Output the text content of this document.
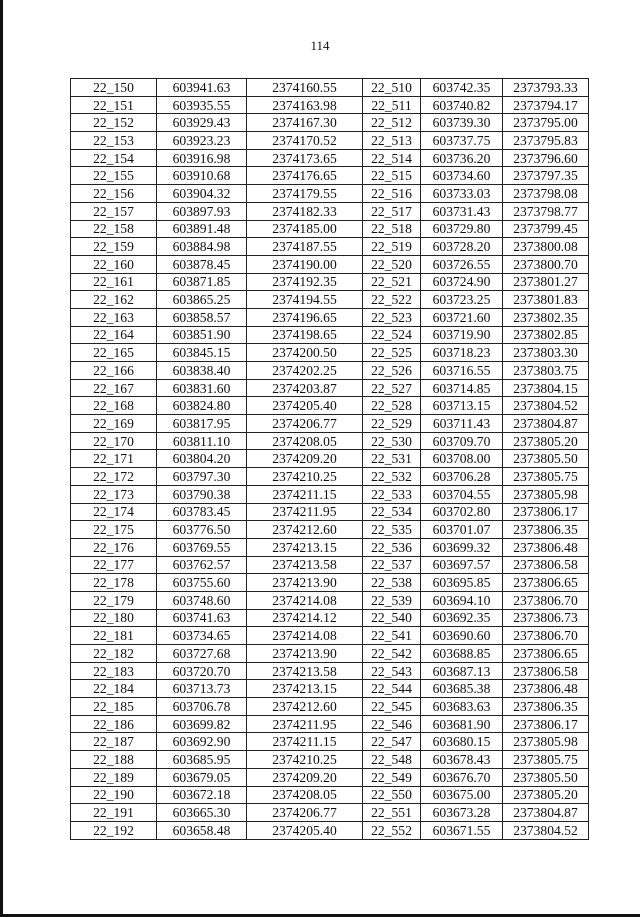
114
22_150	603941.63	2374160.55	22_510	603742.35	2373793.33
22_151	603935.55	2374163.98	22_511	603740.82	2373794.17
22_152	603929.43	2374167.30	22_512	603739.30	2373795.00
22_153	603923.23	2374170.52	22_513	603737.75	2373795.83
22_154	603916.98	2374173.65	22_514	603736.20	2373796.60
22_155	603910.68	2374176.65	22_515	603734.60	2373797.35
22_156	603904.32	2374179.55	22_516	603733.03	2373798.08
22_157	603897.93	2374182.33	22_517	603731.43	2373798.77
22_158	603891.48	2374185.00	22_518	603729.80	2373799.45
22_159	603884.98	2374187.55	22_519	603728.20	2373800.08
22_160	603878.45	2374190.00	22_520	603726.55	2373800.70
22_161	603871.85	2374192.35	22_521	603724.90	2373801.27
22_162	603865.25	2374194.55	22_522	603723.25	2373801.83
22_163	603858.57	2374196.65	22_523	603721.60	2373802.35
22_164	603851.90	2374198.65	22_524	603719.90	2373802.85
22_165	603845.15	2374200.50	22_525	603718.23	2373803.30
22_166	603838.40	2374202.25	22_526	603716.55	2373803.75
22_167	603831.60	2374203.87	22_527	603714.85	2373804.15
22_168	603824.80	2374205.40	22_528	603713.15	2373804.52
22_169	603817.95	2374206.77	22_529	603711.43	2373804.87
22_170	603811.10	2374208.05	22_530	603709.70	2373805.20
22_171	603804.20	2374209.20	22_531	603708.00	2373805.50
22_172	603797.30	2374210.25	22_532	603706.28	2373805.75
22_173	603790.38	2374211.15	22_533	603704.55	2373805.98
22_174	603783.45	2374211.95	22_534	603702.80	2373806.17
22_175	603776.50	2374212.60	22_535	603701.07	2373806.35
22_176	603769.55	2374213.15	22_536	603699.32	2373806.48
22_177	603762.57	2374213.58	22_537	603697.57	2373806.58
22_178	603755.60	2374213.90	22_538	603695.85	2373806.65
22_179	603748.60	2374214.08	22_539	603694.10	2373806.70
22_180	603741.63	2374214.12	22_540	603692.35	2373806.73
22_181	603734.65	2374214.08	22_541	603690.60	2373806.70
22_182	603727.68	2374213.90	22_542	603688.85	2373806.65
22_183	603720.70	2374213.58	22_543	603687.13	2373806.58
22_184	603713.73	2374213.15	22_544	603685.38	2373806.48
22_185	603706.78	2374212.60	22_545	603683.63	2373806.35
22_186	603699.82	2374211.95	22_546	603681.90	2373806.17
22_187	603692.90	2374211.15	22_547	603680.15	2373805.98
22_188	603685.95	2374210.25	22_548	603678.43	2373805.75
22_189	603679.05	2374209.20	22_549	603676.70	2373805.50
22_190	603672.18	2374208.05	22_550	603675.00	2373805.20
22_191	603665.30	2374206.77	22_551	603673.28	2373804.87
22_192	603658.48	2374205.40	22_552	603671.55	2373804.52
